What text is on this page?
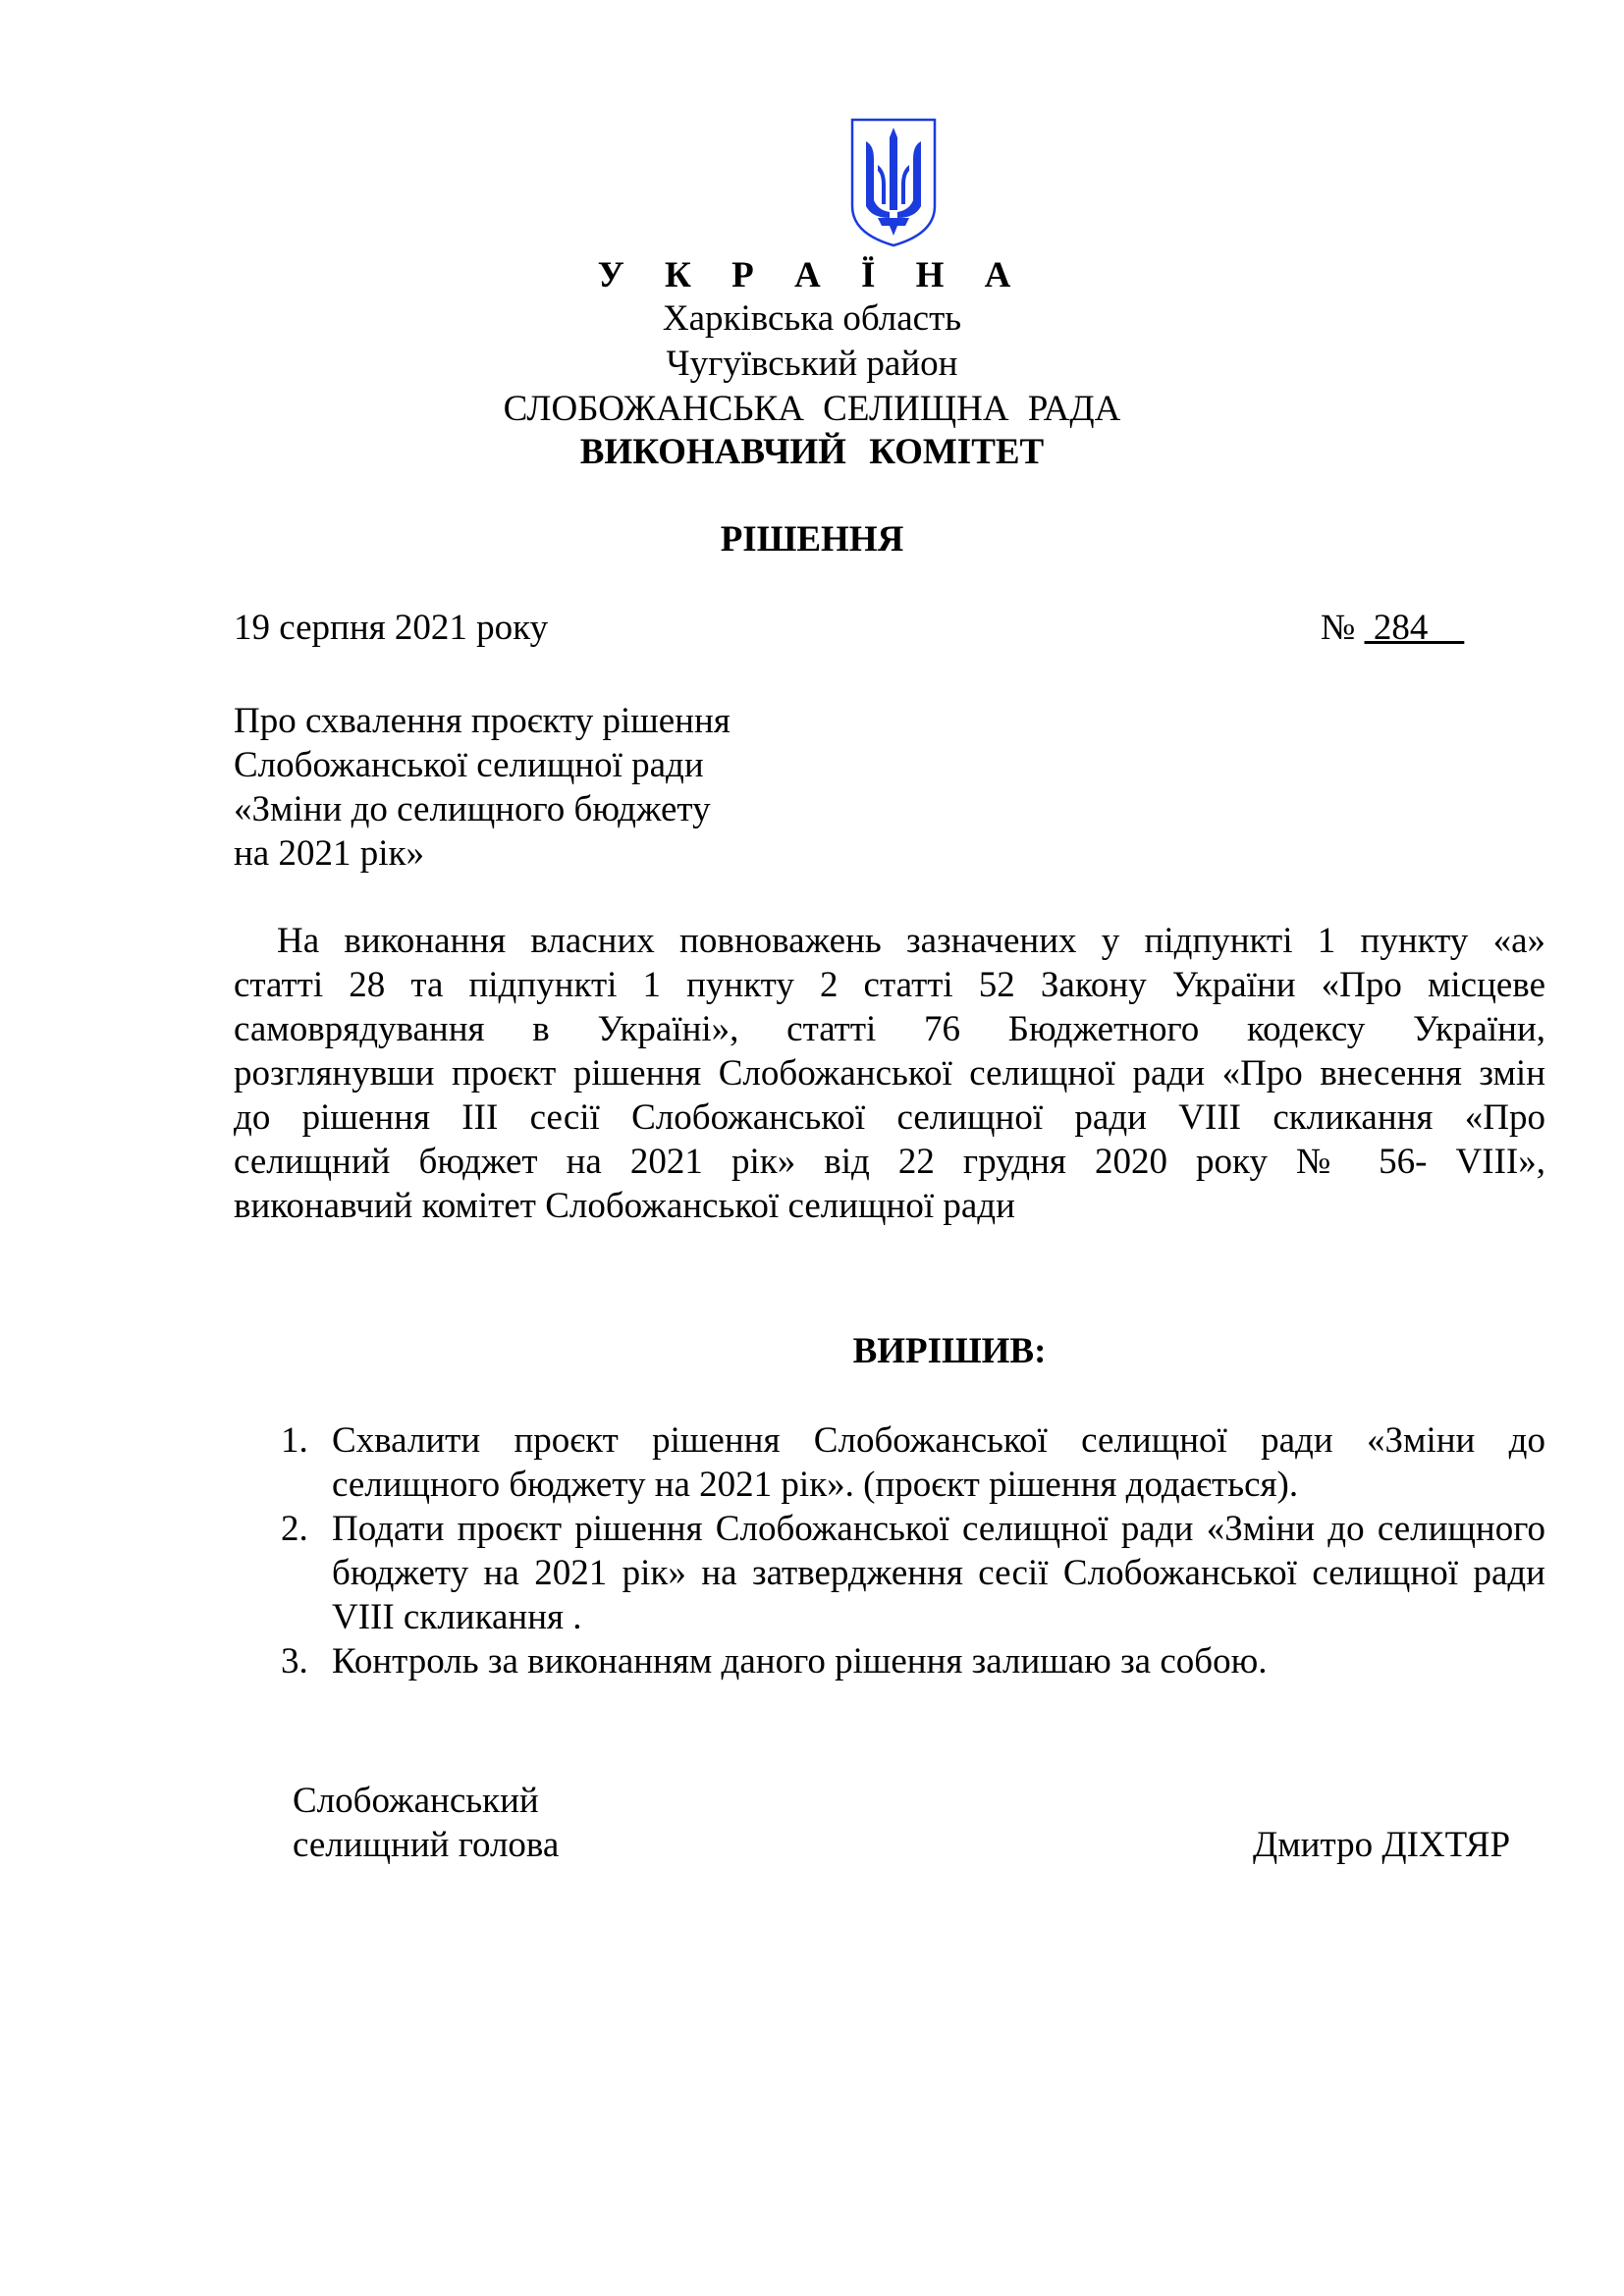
У К Р А Ї Н А
Харківська область
Чугуївський район
СЛОБОЖАНСЬКА СЕЛИЩНА РАДА
ВИКОНАВЧИЙ КОМІТЕТ
РІШЕННЯ
19 серпня 2021 року	№  284
Про схвалення проєкту рішення
Слобожанської селищної ради
«Зміни до селищного бюджету
на 2021 рік»
На виконання власних повноважень зазначених у підпункті 1 пункту «а»
статті 28 та підпункті 1 пункту 2 статті 52 Закону України «Про місцеве
самоврядування в Україні», статті 76 Бюджетного кодексу України,
розглянувши проєкт рішення Слобожанської селищної ради «Про внесення змін
до рішення ІІІ сесії Слобожанської селищної ради VIII скликання «Про
селищний бюджет на 2021 рік» від 22 грудня 2020 року № 56- VIII»,
виконавчий комітет Слобожанської селищної ради
ВИРІШИВ:
1. Схвалити проєкт рішення Слобожанської селищної ради «Зміни до селищного бюджету на 2021 рік». (проєкт рішення додається).
2. Подати проєкт рішення Слобожанської селищної ради «Зміни до селищного бюджету на 2021 рік» на затвердження сесії Слобожанської селищної ради VIII скликання .
3. Контроль за виконанням даного рішення залишаю за собою.
Слобожанський
селищний голова	Дмитро ДІХТЯР
